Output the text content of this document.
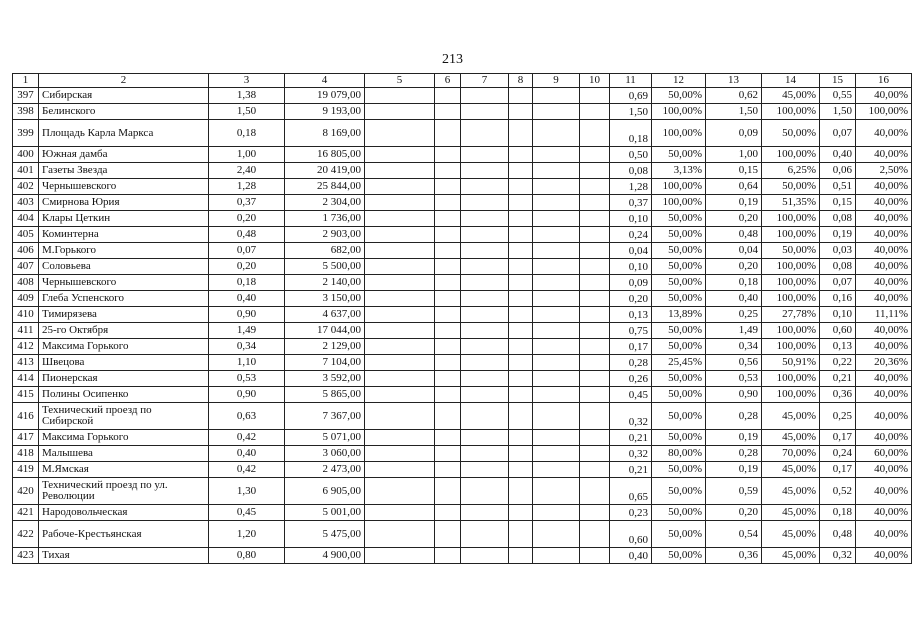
213
1	2	3	4	5	6	7	8	9	10	11	12	13	14	15	16
397	Сибирская	1,38	19 079,00							0,69	50,00%	0,62	45,00%	0,55	40,00%
398	Белинского	1,50	9 193,00							1,50	100,00%	1,50	100,00%	1,50	100,00%
399	Площадь Карла Маркса	0,18	8 169,00							0,18	100,00%	0,09	50,00%	0,07	40,00%
400	Южная дамба	1,00	16 805,00							0,50	50,00%	1,00	100,00%	0,40	40,00%
401	Газеты Звезда	2,40	20 419,00							0,08	3,13%	0,15	6,25%	0,06	2,50%
402	Чернышевского	1,28	25 844,00							1,28	100,00%	0,64	50,00%	0,51	40,00%
403	Смирнова Юрия	0,37	2 304,00							0,37	100,00%	0,19	51,35%	0,15	40,00%
404	Клары Цеткин	0,20	1 736,00							0,10	50,00%	0,20	100,00%	0,08	40,00%
405	Коминтерна	0,48	2 903,00							0,24	50,00%	0,48	100,00%	0,19	40,00%
406	М.Горького	0,07	682,00							0,04	50,00%	0,04	50,00%	0,03	40,00%
407	Соловьева	0,20	5 500,00							0,10	50,00%	0,20	100,00%	0,08	40,00%
408	Чернышевского	0,18	2 140,00							0,09	50,00%	0,18	100,00%	0,07	40,00%
409	Глеба Успенского	0,40	3 150,00							0,20	50,00%	0,40	100,00%	0,16	40,00%
410	Тимирязева	0,90	4 637,00							0,13	13,89%	0,25	27,78%	0,10	11,11%
411	25-го Октября	1,49	17 044,00							0,75	50,00%	1,49	100,00%	0,60	40,00%
412	Максима Горького	0,34	2 129,00							0,17	50,00%	0,34	100,00%	0,13	40,00%
413	Швецова	1,10	7 104,00							0,28	25,45%	0,56	50,91%	0,22	20,36%
414	Пионерская	0,53	3 592,00							0,26	50,00%	0,53	100,00%	0,21	40,00%
415	Полины Осипенко	0,90	5 865,00							0,45	50,00%	0,90	100,00%	0,36	40,00%
416	Технический проезд по Сибирской	0,63	7 367,00							0,32	50,00%	0,28	45,00%	0,25	40,00%
417	Максима Горького	0,42	5 071,00							0,21	50,00%	0,19	45,00%	0,17	40,00%
418	Малышева	0,40	3 060,00							0,32	80,00%	0,28	70,00%	0,24	60,00%
419	М.Ямская	0,42	2 473,00							0,21	50,00%	0,19	45,00%	0,17	40,00%
420	Технический проезд по ул. Революции	1,30	6 905,00							0,65	50,00%	0,59	45,00%	0,52	40,00%
421	Народовольческая	0,45	5 001,00							0,23	50,00%	0,20	45,00%	0,18	40,00%
422	Рабоче-Крестьянская	1,20	5 475,00							0,60	50,00%	0,54	45,00%	0,48	40,00%
423	Тихая	0,80	4 900,00							0,40	50,00%	0,36	45,00%	0,32	40,00%
